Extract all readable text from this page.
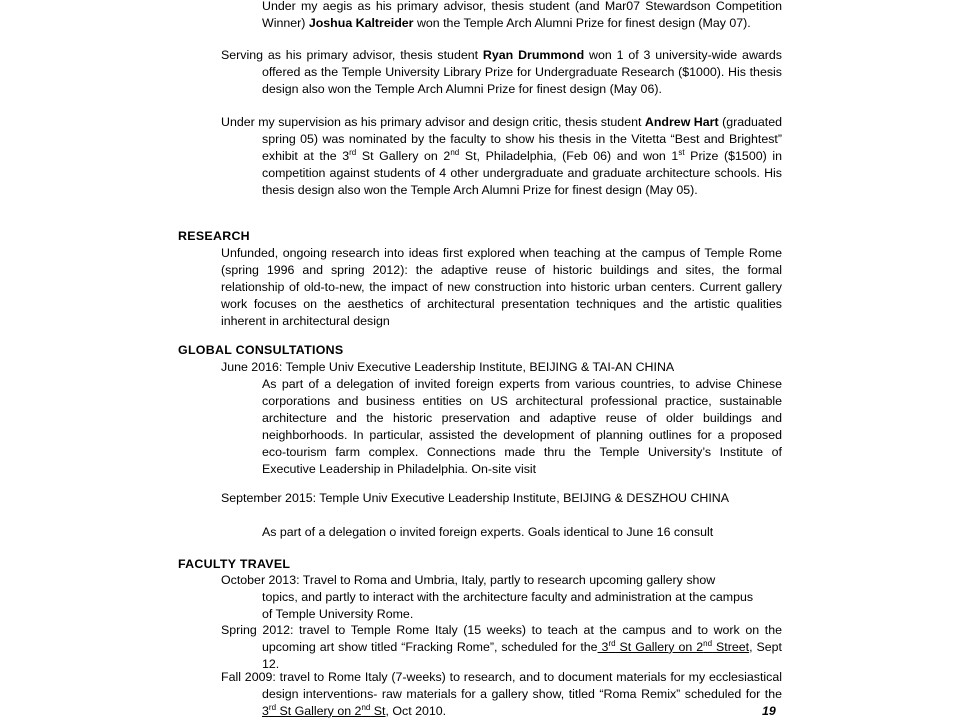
Under my aegis as his primary advisor, thesis student (and Mar07 Stewardson Competition Winner) Joshua Kaltreider won the Temple Arch Alumni Prize for finest design (May 07).

Serving as his primary advisor, thesis student Ryan Drummond won 1 of 3 university-wide awards offered as the Temple University Library Prize for Undergraduate Research ($1000). His thesis design also won the Temple Arch Alumni Prize for finest design (May 06).

Under my supervision as his primary advisor and design critic, thesis student Andrew Hart (graduated spring 05) was nominated by the faculty to show his thesis in the Vitetta “Best and Brightest” exhibit at the 3rd St Gallery on 2nd St, Philadelphia, (Feb 06) and won 1st Prize ($1500) in competition against students of 4 other undergraduate and graduate architecture schools. His thesis design also won the Temple Arch Alumni Prize for finest design (May 05).

RESEARCH

Unfunded, ongoing research into ideas first explored when teaching at the campus of Temple Rome (spring 1996 and spring 2012): the adaptive reuse of historic buildings and sites, the formal relationship of old-to-new, the impact of new construction into historic urban centers. Current gallery work focuses on the aesthetics of architectural presentation techniques and the artistic qualities inherent in architectural design

GLOBAL CONSULTATIONS

June 2016: Temple Univ Executive Leadership Institute, BEIJING & TAI-AN CHINA

As part of a delegation of invited foreign experts from various countries, to advise Chinese corporations and business entities on US architectural professional practice, sustainable architecture and the historic preservation and adaptive reuse of older buildings and neighborhoods. In particular, assisted the development of planning outlines for a proposed eco-tourism farm complex. Connections made thru the Temple University’s Institute of Executive Leadership in Philadelphia. On-site visit

September 2015: Temple Univ Executive Leadership Institute, BEIJING & DESZHOU CHINA

As part of a delegation o invited foreign experts. Goals identical to June 16 consult

FACULTY TRAVEL

October 2013: Travel to Roma and Umbria, Italy, partly to research upcoming gallery show topics, and partly to interact with the architecture faculty and administration at the campus of Temple University Rome.

Spring 2012: travel to Temple Rome Italy (15 weeks) to teach at the campus and to work on the upcoming art show titled “Fracking Rome”, scheduled for the 3rd St Gallery on 2nd Street, Sept 12.

Fall 2009: travel to Rome Italy (7-weeks) to research, and to document materials for my ecclesiastical design interventions- raw materials for a gallery show, titled “Roma Remix” scheduled for the 3rd St Gallery on 2nd St, Oct 2010.	19
